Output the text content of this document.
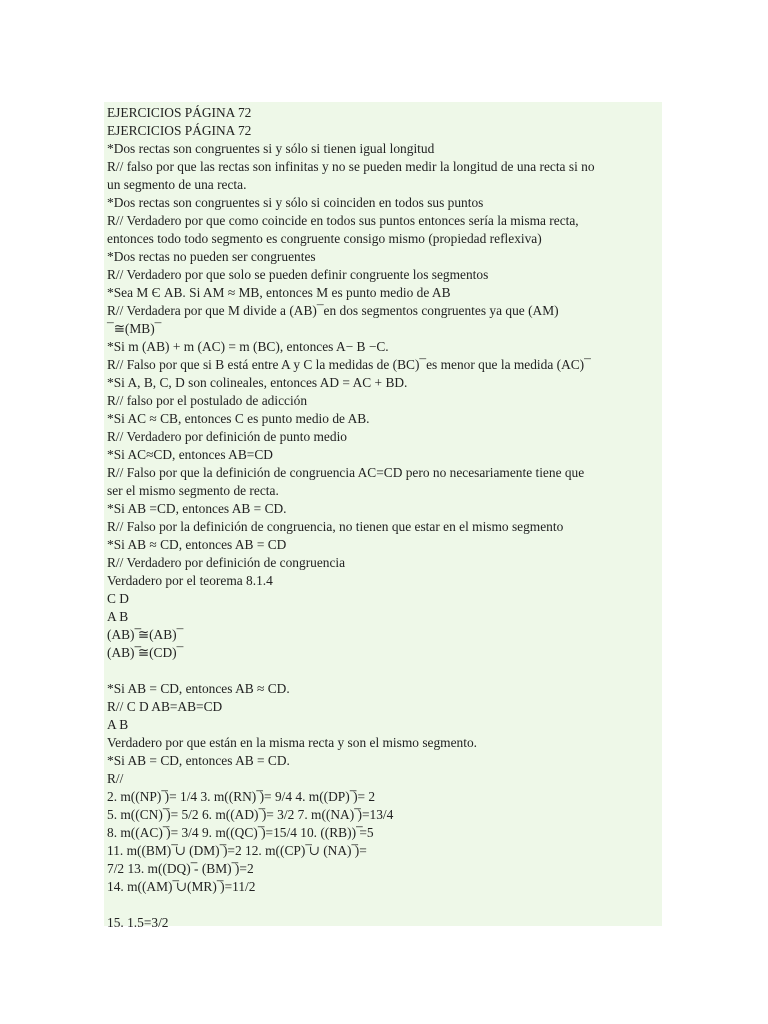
EJERCICIOS PÁGINA 72
EJERCICIOS PÁGINA 72
*Dos rectas son congruentes si y sólo si tienen igual longitud
R// falso por que las rectas son infinitas y no se pueden medir la longitud de una recta si no
un segmento de una recta.
*Dos rectas son congruentes si y sólo si coinciden en todos sus puntos
R// Verdadero por que como coincide en todos sus puntos entonces sería la misma recta,
entonces todo todo segmento es congruente consigo mismo (propiedad reflexiva)
*Dos rectas no pueden ser congruentes
R// Verdadero por que solo se pueden definir congruente los segmentos
*Sea M Є AB. Si AM ≈ MB, entonces M es punto medio de AB
R// Verdadera por que M divide a (AB)¯en dos segmentos congruentes ya que (AM)
¯≅(MB)¯
*Si m (AB) + m (AC) = m (BC), entonces A− B −C.
R// Falso por que si B está entre A y C la medidas de (BC)¯es menor que la medida (AC)¯
*Si A, B, C, D son colineales, entonces AD = AC + BD.
R// falso por el postulado de adicción
*Si AC ≈ CB, entonces C es punto medio de AB.
R// Verdadero por definición de punto medio
*Si AC≈CD, entonces AB=CD
R// Falso por que la definición de congruencia AC=CD pero no necesariamente tiene que
ser el mismo segmento de recta.
*Si AB =CD, entonces AB = CD.
R// Falso por la definición de congruencia, no tienen que estar en el mismo segmento
*Si AB ≈ CD, entonces AB = CD
R// Verdadero por definición de congruencia
Verdadero por el teorema 8.1.4
C D
A B
(AB) ̅≅(AB)¯
(AB) ̅≅(CD)¯
*Si AB = CD, entonces AB ≈ CD.
R// C D AB=AB=CD
A B
Verdadero por que están en la misma recta y son el mismo segmento.
*Si AB = CD, entonces AB = CD.
R//
2. m((NP) ̅)= 1/4 3. m((RN) ̅)= 9/4 4. m((DP) ̅)= 2
5. m((CN) ̅)= 5/2 6. m((AD) ̅)= 3/2 7. m((NA) ̅)=13/4
8. m((AC) ̅)= 3/4 9. m((QC) ̅)=15/4 10. ((RB)) ̅=5
11. m((BM) ̅∪ (DM) ̅)=2 12. m((CP) ̅∪ (NA) ̅)=
7/2 13. m((DQ) ̅- (BM) ̅)=2
14. m((AM) ̅∪(MR) ̅)=11/2
15. 1.5=3/2
